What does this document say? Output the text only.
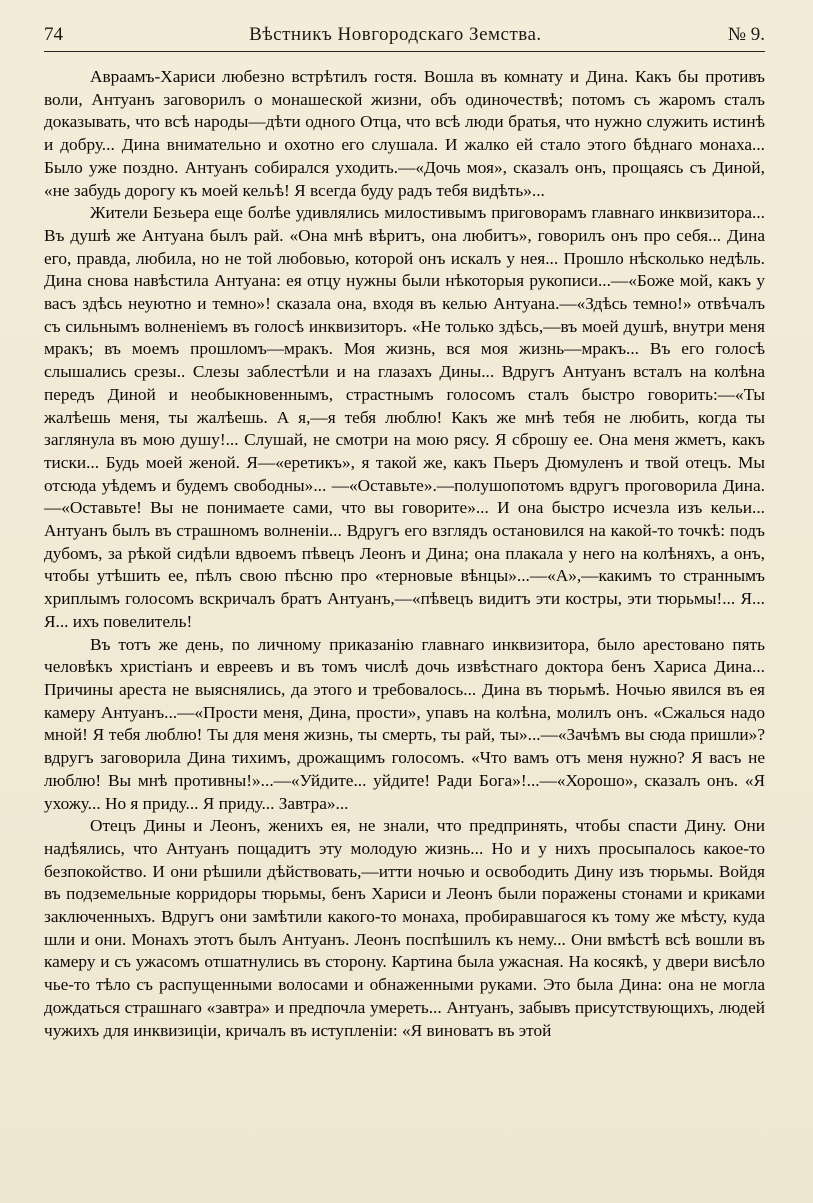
74	Вѣстникъ Новгородскаго Земства.	№ 9.

Авраамъ-Хариси любезно встрѣтилъ гостя. Вошла въ комнату и Дина. Какъ бы противъ воли, Антуанъ заговорилъ о монашеской жизни, объ одиночествѣ; потомъ съ жаромъ сталъ доказывать, что всѣ народы—дѣти одного Отца, что всѣ люди братья, что нужно служить истинѣ и добру... Дина внимательно и охотно его слушала. И жалко ей стало этого бѣднаго монаха... Было уже поздно. Антуанъ собирался уходить.—«Дочь моя», сказалъ онъ, прощаясь съ Диной, «не забудь дорогу къ моей кельѣ! Я всегда буду радъ тебя видѣть»...

Жители Безьера еще болѣе удивлялись милостивымъ приговорамъ главнаго инквизитора... Въ душѣ же Антуана былъ рай. «Она мнѣ вѣритъ, она любитъ», говорилъ онъ про себя... Дина его, правда, любила, но не той любовью, которой онъ искалъ у нея... Прошло нѣсколько недѣль. Дина снова навѣстила Антуана: ея отцу нужны были нѣкоторыя рукописи...—«Боже мой, какъ у васъ здѣсь неуютно и темно»! сказала она, входя въ келью Антуана.—«Здѣсь темно!» отвѣчалъ съ сильнымъ волненіемъ въ голосѣ инквизиторъ. «Не только здѣсь,—въ моей душѣ, внутри меня мракъ; въ моемъ прошломъ—мракъ. Моя жизнь, вся моя жизнь—мракъ... Въ его голосѣ слышались срезы.. Слезы заблестѣли и на глазахъ Дины... Вдругъ Антуанъ всталъ на колѣна передъ Диной и необыкновеннымъ, страстнымъ голосомъ сталъ быстро говорить:—«Ты жалѣешь меня, ты жалѣешь. А я,—я тебя люблю! Какъ же мнѣ тебя не любить, когда ты заглянула въ мою душу!... Слушай, не смотри на мою рясу. Я сброшу ее. Она меня жметъ, какъ тиски... Будь моей женой. Я—«еретикъ», я такой же, какъ Пьеръ Дюмуленъ и твой отецъ. Мы отсюда уѣдемъ и будемъ свободны»... —«Оставьте».—полушопотомъ вдругъ проговорила Дина.—«Оставьте! Вы не понимаете сами, что вы говорите»... И она быстро исчезла изъ кельи... Антуанъ былъ въ страшномъ волненіи... Вдругъ его взглядъ остановился на какой-то точкѣ: подъ дубомъ, за рѣкой сидѣли вдвоемъ пѣвецъ Леонъ и Дина; она плакала у него на колѣняхъ, а онъ, чтобы утѣшить ее, пѣлъ свою пѣсню про «терновые вѣнцы»...—«А»,—какимъ то страннымъ хриплымъ голосомъ вскричалъ братъ Антуанъ,—«пѣвецъ видитъ эти костры, эти тюрьмы!... Я... Я... ихъ повелитель!

Въ тотъ же день, по личному приказанію главнаго инквизитора, было арестовано пять человѣкъ христіанъ и евреевъ и въ томъ числѣ дочь извѣстнаго доктора бенъ Хариса Дина... Причины ареста не выяснялись, да этого и требовалось... Дина въ тюрьмѣ. Ночью явился въ ея камеру Антуанъ...—«Прости меня, Дина, прости», упавъ на колѣна, молилъ онъ. «Сжалься надо мной! Я тебя люблю! Ты для меня жизнь, ты смерть, ты рай, ты»...—«Зачѣмъ вы сюда пришли»? вдругъ заговорила Дина тихимъ, дрожащимъ голосомъ. «Что вамъ отъ меня нужно? Я васъ не люблю! Вы мнѣ противны!»...—«Уйдите... уйдите! Ради Бога»!...—«Хорошо», сказалъ онъ. «Я ухожу... Но я приду... Я приду... Завтра»...

Отецъ Дины и Леонъ, женихъ ея, не знали, что предпринять, чтобы спасти Дину. Они надѣялись, что Антуанъ пощадитъ эту молодую жизнь... Но и у нихъ просыпалось какое-то безпокойство. И они рѣшили дѣйствовать,—итти ночью и освободить Дину изъ тюрьмы. Войдя въ подземельные корридоры тюрьмы, бенъ Хариси и Леонъ были поражены стонами и криками заключенныхъ. Вдругъ они замѣтили какого-то монаха, пробиравшагося къ тому же мѣсту, куда шли и они. Монахъ этотъ былъ Антуанъ. Леонъ поспѣшилъ къ нему... Они вмѣстѣ всѣ вошли въ камеру и съ ужасомъ отшатнулись въ сторону. Картина была ужасная. На косякѣ, у двери висѣло чье-то тѣло съ распущенными волосами и обнаженными руками. Это была Дина: она не могла дождаться страшнаго «завтра» и предпочла умереть... Антуанъ, забывъ присутствующихъ, людей чужихъ для инквизиціи, кричалъ въ иступленіи: «Я виноватъ въ этой
